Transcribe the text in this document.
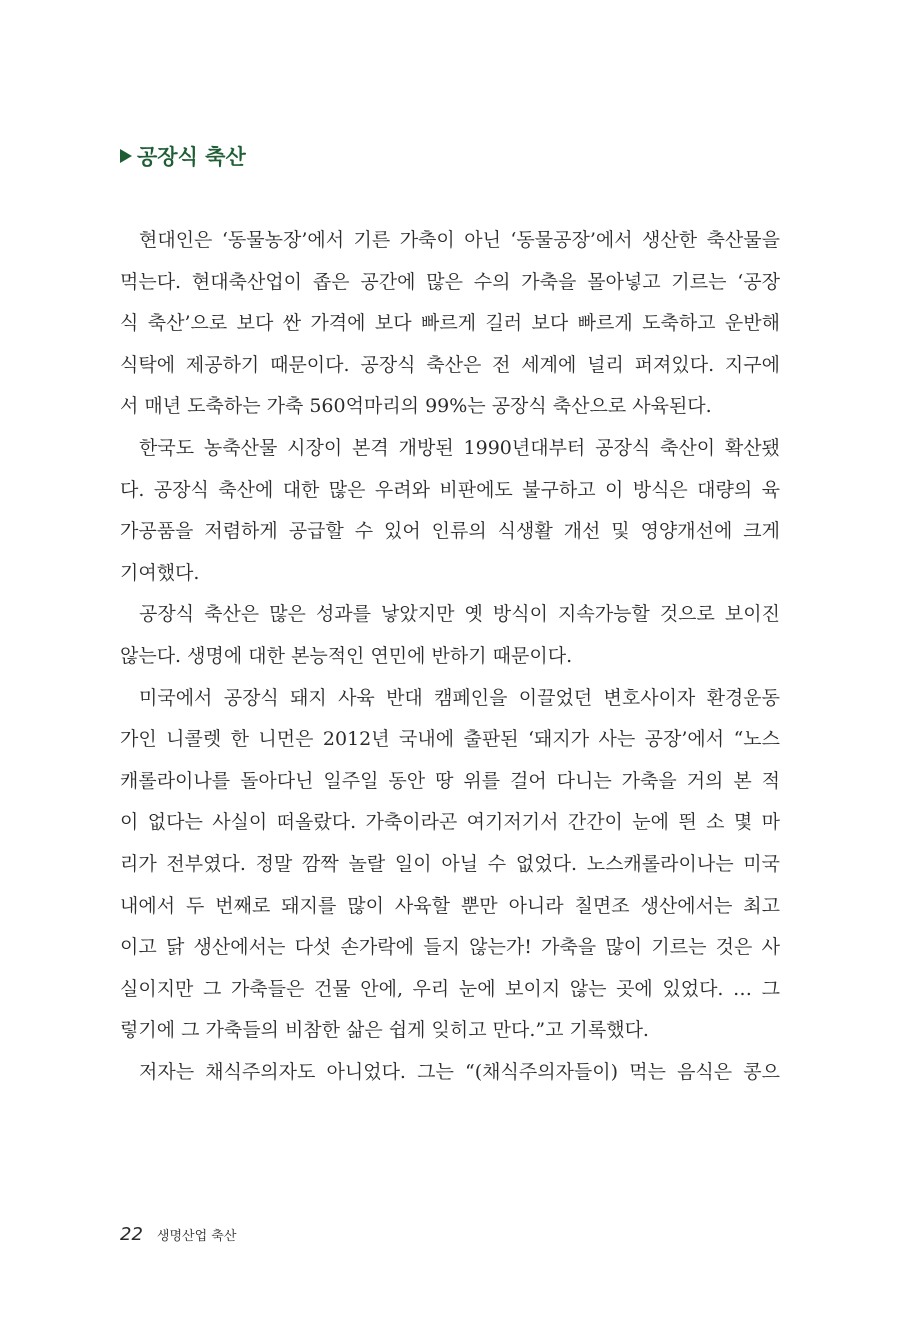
공장식 축산
현대인은 ‘동물농장’에서 기른 가축이 아닌 ‘동물공장’에서 생산한 축산물을
먹는다. 현대축산업이 좁은 공간에 많은 수의 가축을 몰아넣고 기르는 ‘공장
식 축산’으로 보다 싼 가격에 보다 빠르게 길러 보다 빠르게 도축하고 운반해
식탁에 제공하기 때문이다. 공장식 축산은 전 세계에 널리 퍼져있다. 지구에
서 매년 도축하는 가축 560억마리의 99%는 공장식 축산으로 사육된다.
한국도 농축산물 시장이 본격 개방된 1990년대부터 공장식 축산이 확산됐
다. 공장식 축산에 대한 많은 우려와 비판에도 불구하고 이 방식은 대량의 육
가공품을 저렴하게 공급할 수 있어 인류의 식생활 개선 및 영양개선에 크게
기여했다.
공장식 축산은 많은 성과를 낳았지만 옛 방식이 지속가능할 것으로 보이진
않는다. 생명에 대한 본능적인 연민에 반하기 때문이다.
미국에서 공장식 돼지 사육 반대 캠페인을 이끌었던 변호사이자 환경운동
가인 니콜렛 한 니먼은 2012년 국내에 출판된 ‘돼지가 사는 공장’에서 “노스
캐롤라이나를 돌아다닌 일주일 동안 땅 위를 걸어 다니는 가축을 거의 본 적
이 없다는 사실이 떠올랐다. 가축이라곤 여기저기서 간간이 눈에 띈 소 몇 마
리가 전부였다. 정말 깜짝 놀랄 일이 아닐 수 없었다. 노스캐롤라이나는 미국
내에서 두 번째로 돼지를 많이 사육할 뿐만 아니라 칠면조 생산에서는 최고
이고 닭 생산에서는 다섯 손가락에 들지 않는가! 가축을 많이 기르는 것은 사
실이지만 그 가축들은 건물 안에, 우리 눈에 보이지 않는 곳에 있었다. … 그
렇기에 그 가축들의 비참한 삶은 쉽게 잊히고 만다.”고 기록했다.
저자는 채식주의자도 아니었다. 그는 “(채식주의자들이) 먹는 음식은 콩으
22 생명산업 축산
